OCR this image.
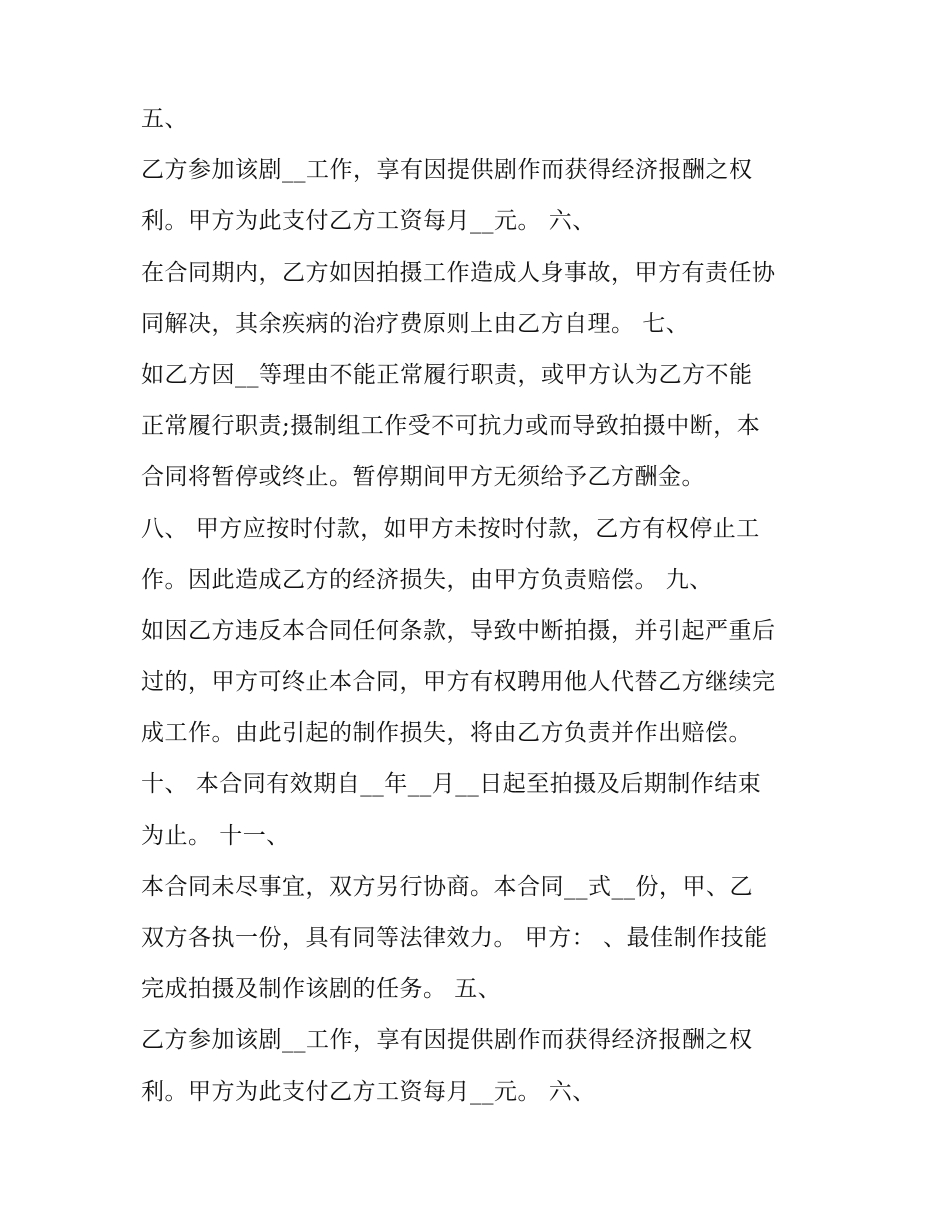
五、
乙方参加该剧__工作，享有因提供剧作而获得经济报酬之权
利。甲方为此支付乙方工资每月__元。 六、
在合同期内，乙方如因拍摄工作造成人身事故，甲方有责任协
同解决，其余疾病的治疗费原则上由乙方自理。 七、
如乙方因__等理由不能正常履行职责，或甲方认为乙方不能
正常履行职责;摄制组工作受不可抗力或而导致拍摄中断，本
合同将暂停或终止。暂停期间甲方无须给予乙方酬金。
八、 甲方应按时付款，如甲方未按时付款，乙方有权停止工
作。因此造成乙方的经济损失，由甲方负责赔偿。 九、
如因乙方违反本合同任何条款，导致中断拍摄，并引起严重后
过的，甲方可终止本合同，甲方有权聘用他人代替乙方继续完
成工作。由此引起的制作损失，将由乙方负责并作出赔偿。
十、 本合同有效期自__年__月__日起至拍摄及后期制作结束
为止。 十一、
本合同未尽事宜，双方另行协商。本合同__式__份，甲、乙
双方各执一份，具有同等法律效力。 甲方： 、最佳制作技能
完成拍摄及制作该剧的任务。 五、
乙方参加该剧__工作，享有因提供剧作而获得经济报酬之权
利。甲方为此支付乙方工资每月__元。 六、
